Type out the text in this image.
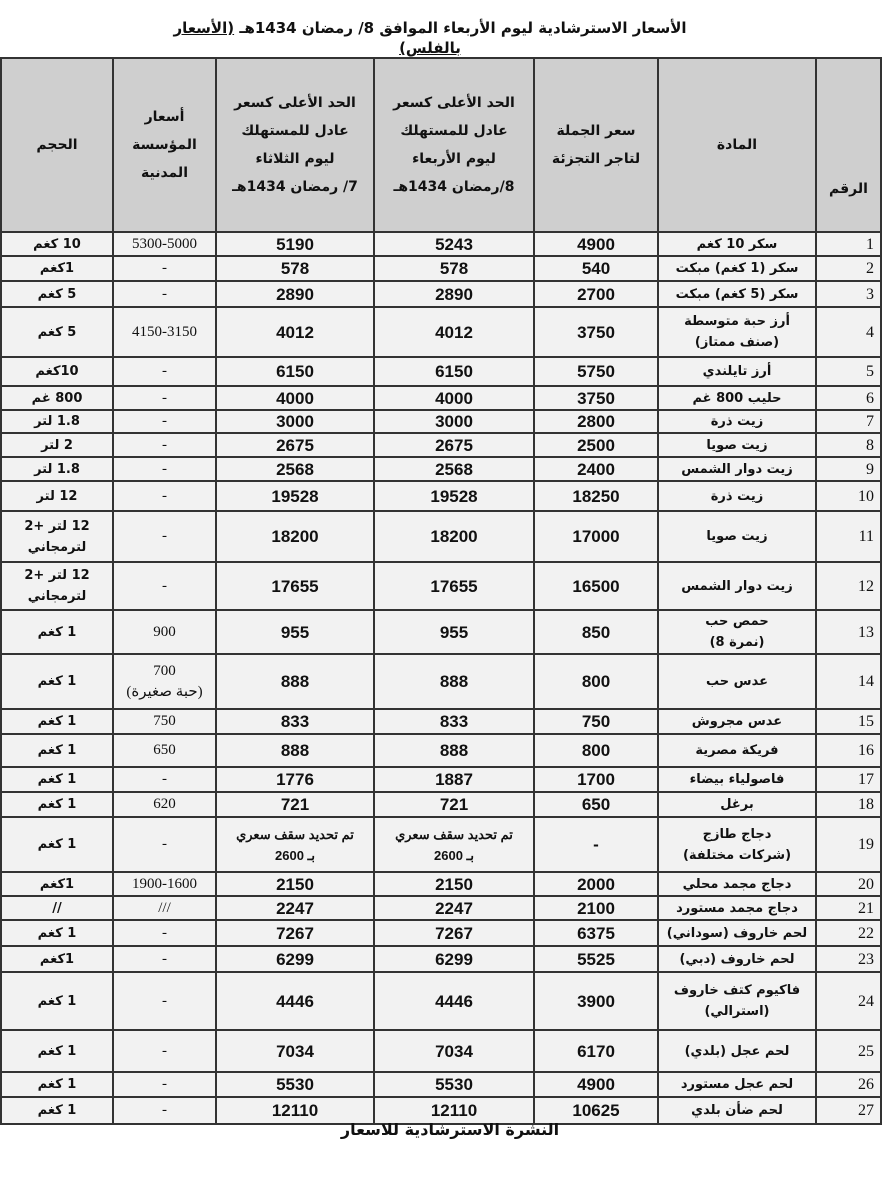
الأسعار الاسترشادية ليوم الأربعاء الموافق 8/ رمضان 1434هـ (الأسعار بالفلس)
الرقم	المادة	سعر الجملة
لتاجر التجزئة	الحد الأعلى كسعر
عادل للمستهلك
ليوم الأربعاء
8/رمضان 1434هـ	الحد الأعلى كسعر
عادل للمستهلك
ليوم الثلاثاء
7/ رمضان 1434هـ	أسعار
المؤسسة
المدنية	الحجم
1	سكر 10 كغم	4900	5243	5190	5300-5000	10 كغم
2	سكر (1 كغم) مبكت	540	578	578	-	1كغم
3	سكر (5 كغم) مبكت	2700	2890	2890	-	5 كغم
4	أرز حبة متوسطة
(صنف ممتاز)	3750	4012	4012	4150-3150	5 كغم
5	أرز تايلندي	5750	6150	6150	-	10كغم
6	حليب 800 غم	3750	4000	4000	-	800 غم
7	زيت ذرة	2800	3000	3000	-	1.8 لتر
8	زيت صويا	2500	2675	2675	-	2 لتر
9	زيت دوار الشمس	2400	2568	2568	-	1.8 لتر
10	زيت ذرة	18250	19528	19528	-	12 لتر
11	زيت صويا	17000	18200	18200	-	12 لتر +2
لترمجاني
12	زيت دوار الشمس	16500	17655	17655	-	12 لتر +2
لترمجاني
13	حمص حب
(نمرة 8)	850	955	955	900	1 كغم
14	عدس حب	800	888	888	700
(حبة صغيرة)	1 كغم
15	عدس مجروش	750	833	833	750	1 كغم
16	فريكة مصرية	800	888	888	650	1 كغم
17	فاصولياء بيضاء	1700	1887	1776	-	1 كغم
18	برغل	650	721	721	620	1 كغم
19	دجاج طازج
(شركات مختلفة)	-	تم تحديد سقف سعري
بـ 2600	تم تحديد سقف سعري
بـ 2600	-	1 كغم
20	دجاج مجمد محلي	2000	2150	2150	1900-1600	1كغم
21	دجاج مجمد مستورد	2100	2247	2247	///	//
22	لحم خاروف (سوداني)	6375	7267	7267	-	1 كغم
23	لحم خاروف (دبي)	5525	6299	6299	-	1كغم
24	فاكيوم كتف خاروف
(استرالي)	3900	4446	4446	-	1 كغم
25	لحم عجل (بلدي)	6170	7034	7034	-	1 كغم
26	لحم عجل مستورد	4900	5530	5530	-	1 كغم
27	لحم ضأن بلدي	10625	12110	12110	-	1 كغم
النشرة الاسترشادية للاسعار
